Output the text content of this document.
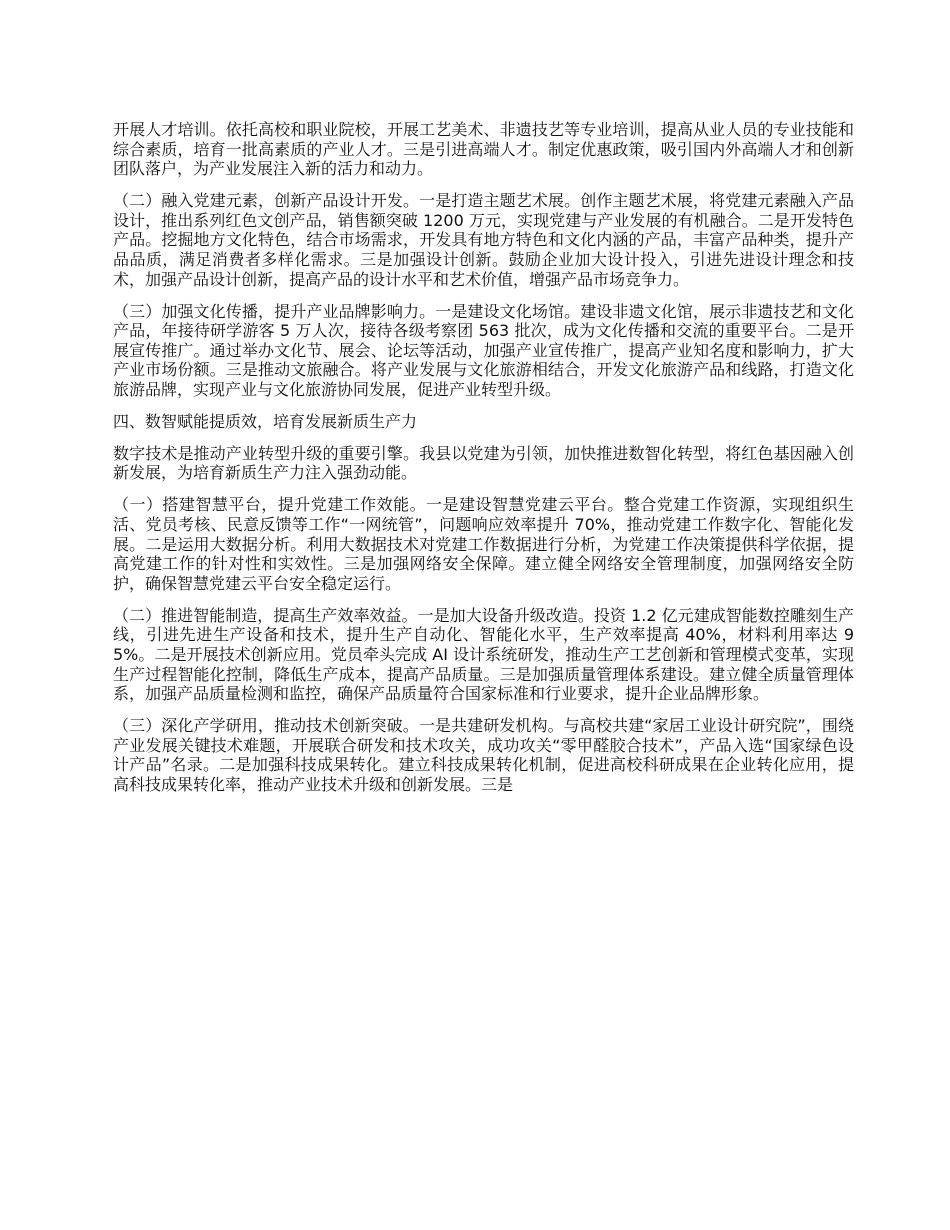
开展人才培训。依托高校和职业院校，开展工艺美术、非遗技艺等专业培训，提高从业人员的专业技能和综合素质，培育一批高素质的产业人才。三是引进高端人才。制定优惠政策，吸引国内外高端人才和创新团队落户，为产业发展注入新的活力和动力。

（二）融入党建元素，创新产品设计开发。一是打造主题艺术展。创作主题艺术展，将党建元素融入产品设计，推出系列红色文创产品，销售额突破 1200 万元，实现党建与产业发展的有机融合。二是开发特色产品。挖掘地方文化特色，结合市场需求，开发具有地方特色和文化内涵的产品，丰富产品种类，提升产品品质，满足消费者多样化需求。三是加强设计创新。鼓励企业加大设计投入，引进先进设计理念和技术，加强产品设计创新，提高产品的设计水平和艺术价值，增强产品市场竞争力。

（三）加强文化传播，提升产业品牌影响力。一是建设文化场馆。建设非遗文化馆，展示非遗技艺和文化产品，年接待研学游客 5 万人次，接待各级考察团 563 批次，成为文化传播和交流的重要平台。二是开展宣传推广。通过举办文化节、展会、论坛等活动，加强产业宣传推广，提高产业知名度和影响力，扩大产业市场份额。三是推动文旅融合。将产业发展与文化旅游相结合，开发文化旅游产品和线路，打造文化旅游品牌，实现产业与文化旅游协同发展，促进产业转型升级。

四、数智赋能提质效，培育发展新质生产力

数字技术是推动产业转型升级的重要引擎。我县以党建为引领，加快推进数智化转型，将红色基因融入创新发展，为培育新质生产力注入强劲动能。

（一）搭建智慧平台，提升党建工作效能。一是建设智慧党建云平台。整合党建工作资源，实现组织生活、党员考核、民意反馈等工作“一网统管”，问题响应效率提升 70%，推动党建工作数字化、智能化发展。二是运用大数据分析。利用大数据技术对党建工作数据进行分析，为党建工作决策提供科学依据，提高党建工作的针对性和实效性。三是加强网络安全保障。建立健全网络安全管理制度，加强网络安全防护，确保智慧党建云平台安全稳定运行。

（二）推进智能制造，提高生产效率效益。一是加大设备升级改造。投资 1.2 亿元建成智能数控雕刻生产线，引进先进生产设备和技术，提升生产自动化、智能化水平，生产效率提高 40%，材料利用率达 95%。二是开展技术创新应用。党员牵头完成 AI 设计系统研发，推动生产工艺创新和管理模式变革，实现生产过程智能化控制，降低生产成本，提高产品质量。三是加强质量管理体系建设。建立健全质量管理体系，加强产品质量检测和监控，确保产品质量符合国家标准和行业要求，提升企业品牌形象。

（三）深化产学研用，推动技术创新突破。一是共建研发机构。与高校共建“家居工业设计研究院”，围绕产业发展关键技术难题，开展联合研发和技术攻关，成功攻关“零甲醛胶合技术”，产品入选“国家绿色设计产品”名录。二是加强科技成果转化。建立科技成果转化机制，促进高校科研成果在企业转化应用，提高科技成果转化率，推动产业技术升级和创新发展。三是
